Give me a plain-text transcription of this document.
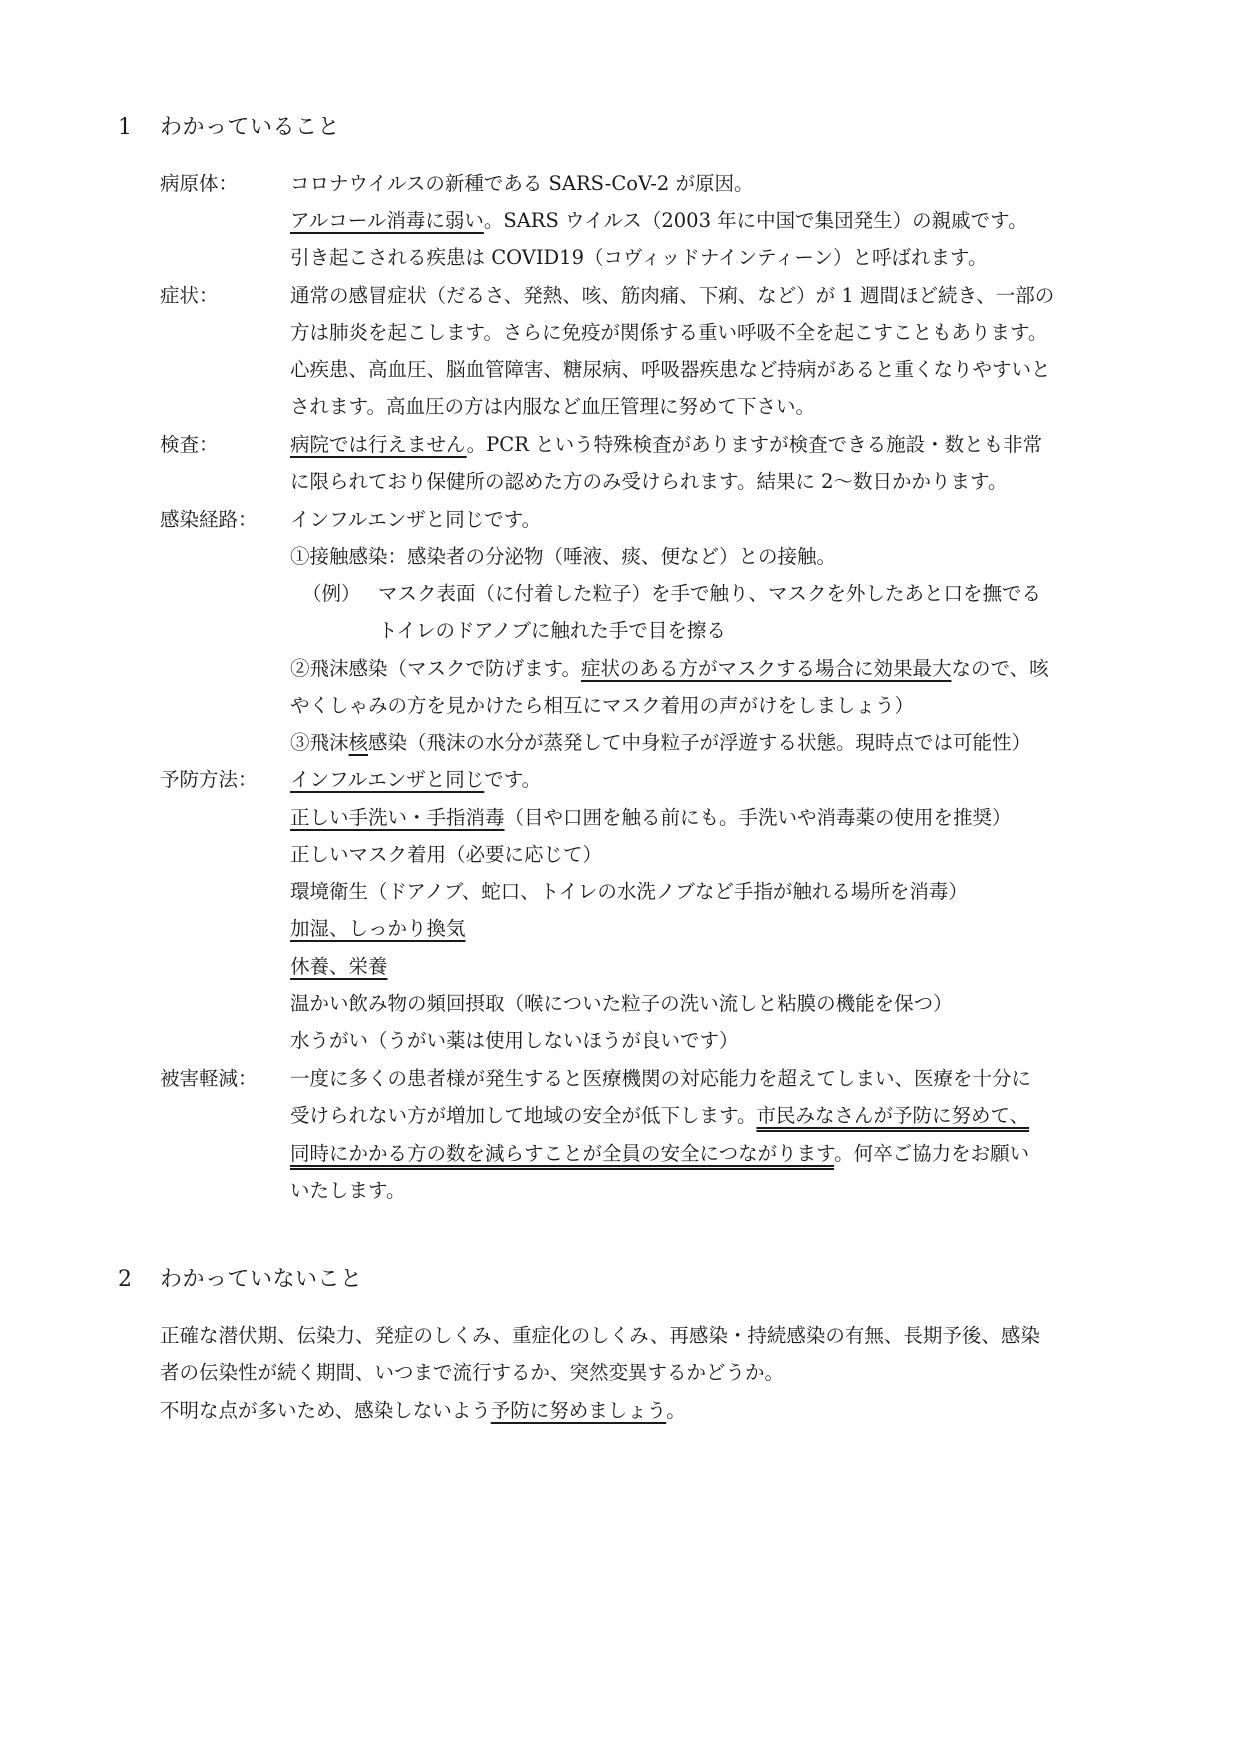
1 わかっていること
病原体：	コロナウイルスの新種である SARS-CoV-2 が原因。
アルコール消毒に弱い。SARS ウイルス（2003 年に中国で集団発生）の親戚です。
引き起こされる疾患は COVID19（コヴィッドナインティーン）と呼ばれます。
症状：	通常の感冒症状（だるさ、発熱、咳、筋肉痛、下痢、など）が 1 週間ほど続き、一部の
方は肺炎を起こします。さらに免疫が関係する重い呼吸不全を起こすこともあります。
心疾患、高血圧、脳血管障害、糖尿病、呼吸器疾患など持病があると重くなりやすいと
されます。高血圧の方は内服など血圧管理に努めて下さい。
検査：	病院では行えません。PCR という特殊検査がありますが検査できる施設・数とも非常
に限られており保健所の認めた方のみ受けられます。結果に 2〜数日かかります。
感染経路： インフルエンザと同じです。
①接触感染：感染者の分泌物（唾液、痰、便など）との接触。
（例） マスク表面（に付着した粒子）を手で触り、マスクを外したあと口を撫でる
トイレのドアノブに触れた手で目を擦る
②飛沫感染（マスクで防げます。症状のある方がマスクする場合に効果最大なので、咳
やくしゃみの方を見かけたら相互にマスク着用の声がけをしましょう）
③飛沫核感染（飛沫の水分が蒸発して中身粒子が浮遊する状態。現時点では可能性）
予防方法： インフルエンザと同じです。
正しい手洗い・手指消毒（目や口囲を触る前にも。手洗いや消毒薬の使用を推奨）
正しいマスク着用（必要に応じて）
環境衛生（ドアノブ、蛇口、トイレの水洗ノブなど手指が触れる場所を消毒）
加湿、しっかり換気
休養、栄養
温かい飲み物の頻回摂取（喉についた粒子の洗い流しと粘膜の機能を保つ）
水うがい（うがい薬は使用しないほうが良いです）
被害軽減： 一度に多くの患者様が発生すると医療機関の対応能力を超えてしまい、医療を十分に
受けられない方が増加して地域の安全が低下します。市民みなさんが予防に努めて、
同時にかかる方の数を減らすことが全員の安全につながります。何卒ご協力をお願い
いたします。
2 わかっていないこと
正確な潜伏期、伝染力、発症のしくみ、重症化のしくみ、再感染・持続感染の有無、長期予後、感染
者の伝染性が続く期間、いつまで流行するか、突然変異するかどうか。
不明な点が多いため、感染しないよう予防に努めましょう。
